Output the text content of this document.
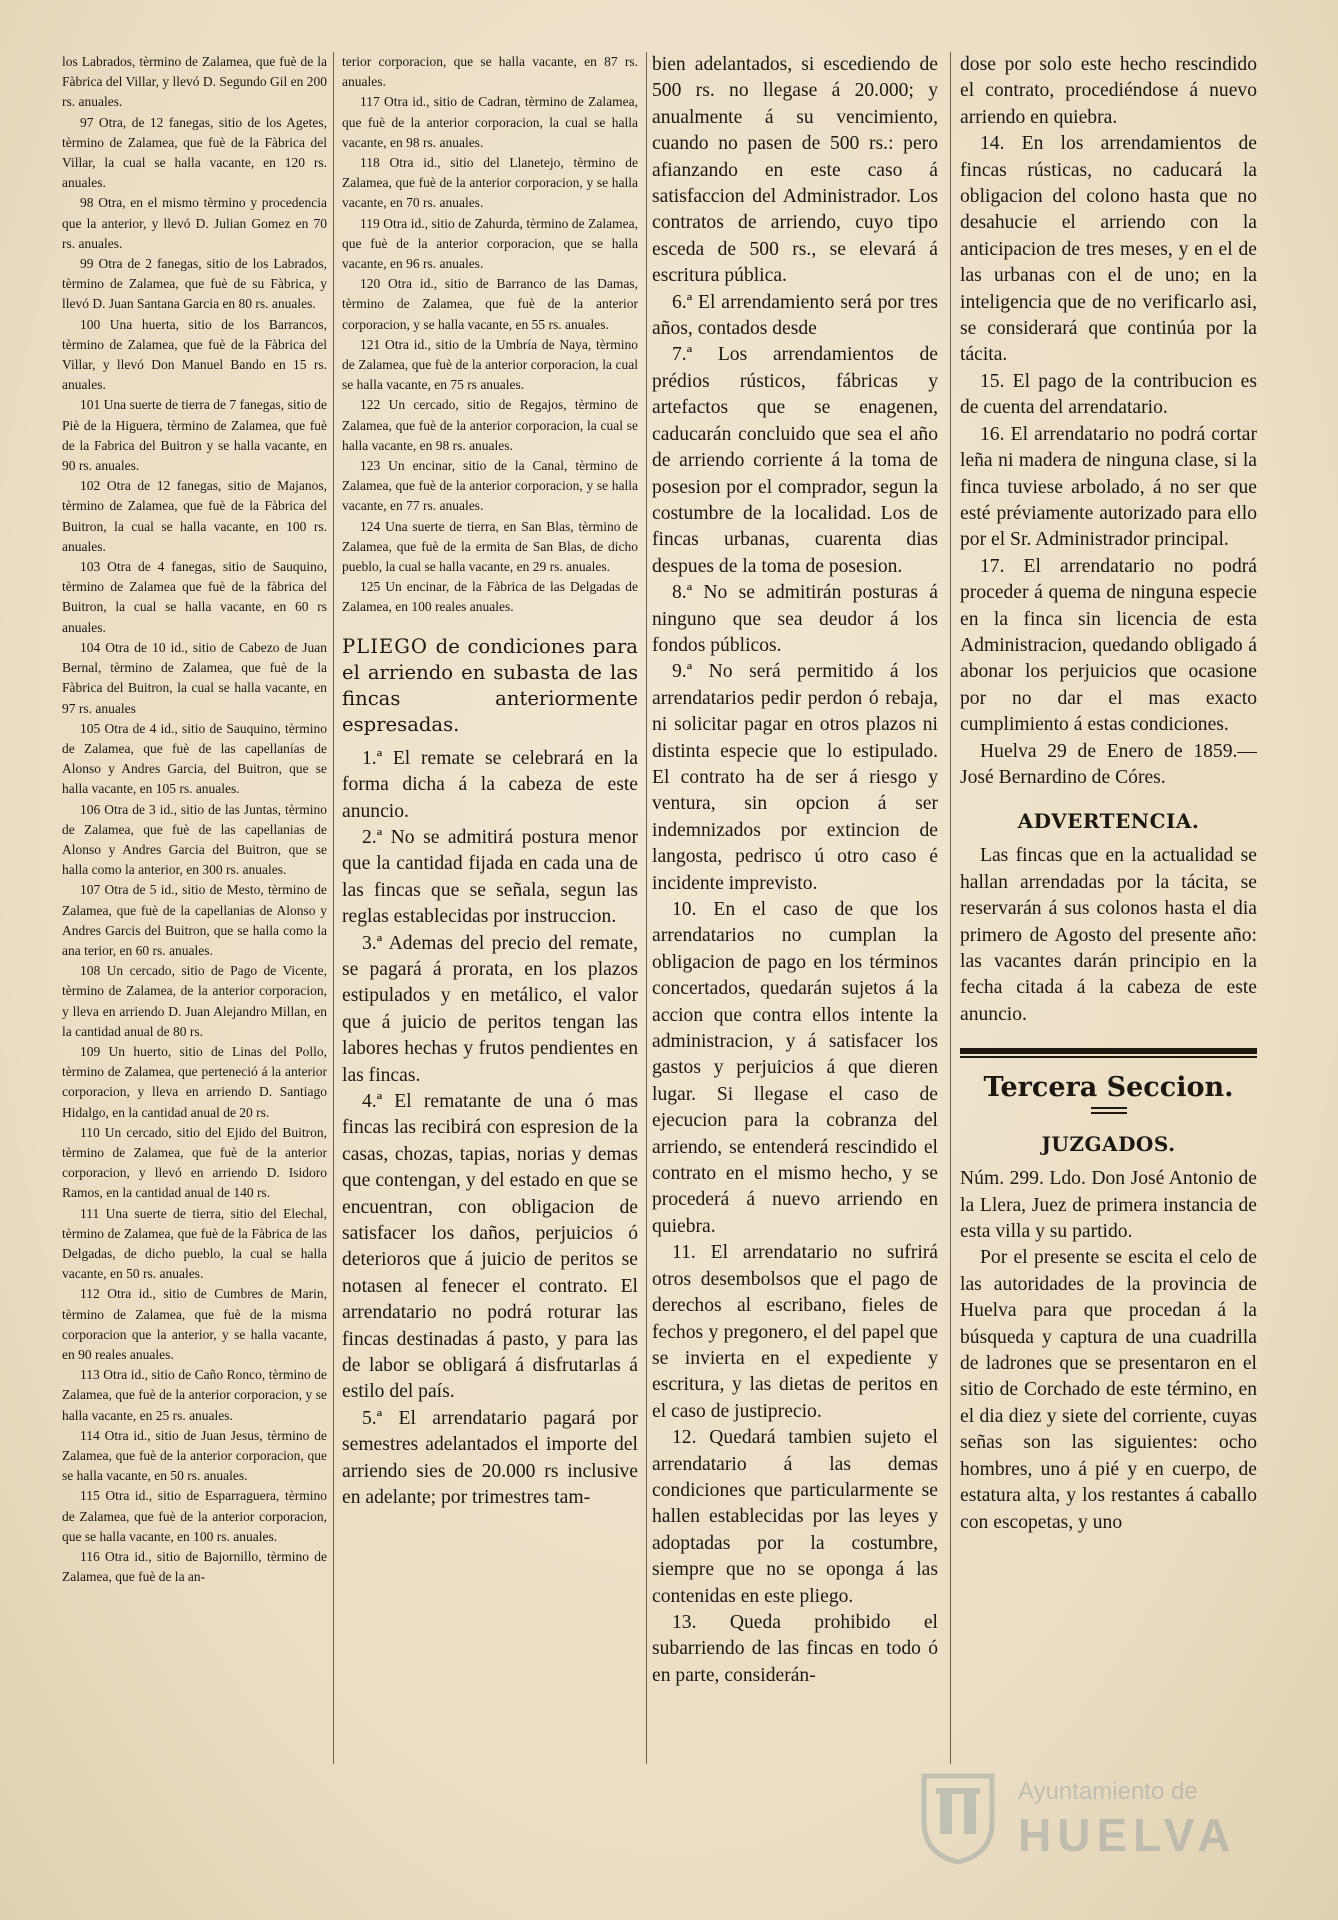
los Labrados, tèrmino de Zalamea, que fuè de la Fàbrica del Villar, y llevó D. Segundo Gil en 200 rs. anuales.

97 Otra, de 12 fanegas, sitio de los Agetes, tèrmino de Zalamea, que fuè de la Fàbrica del Villar, la cual se halla vacante, en 120 rs. anuales.

98 Otra, en el mismo tèrmino y procedencia que la anterior, y llevó D. Julian Gomez en 70 rs. anuales.

99 Otra de 2 fanegas, sitio de los Labrados, tèrmino de Zalamea, que fuè de su Fàbrica, y llevó D. Juan Santana Garcia en 80 rs. anuales.

100 Una huerta, sitio de los Barrancos, tèrmino de Zalamea, que fuè de la Fàbrica del Villar, y llevó Don Manuel Bando en 15 rs. anuales.

101 Una suerte de tierra de 7 fanegas, sitio de Piè de la Higuera, tèrmino de Zalamea, que fuè de la Fabrica del Buitron y se halla vacante, en 90 rs. anuales.

102 Otra de 12 fanegas, sitio de Majanos, tèrmino de Zalamea, que fuè de la Fàbrica del Buitron, la cual se halla vacante, en 100 rs. anuales.

103 Otra de 4 fanegas, sitio de Sauquino, tèrmino de Zalamea que fuè de la fàbrica del Buitron, la cual se halla vacante, en 60 rs anuales.

104 Otra de 10 id., sitio de Cabezo de Juan Bernal, tèrmino de Zalamea, que fuè de la Fàbrica del Buitron, la cual se halla vacante, en 97 rs. anuales

105 Otra de 4 id., sitio de Sauquino, tèrmino de Zalamea, que fuè de las capellanías de Alonso y Andres Garcia, del Buitron, que se halla vacante, en 105 rs. anuales.

106 Otra de 3 id., sitio de las Juntas, tèrmino de Zalamea, que fuè de las capellanias de Alonso y Andres Garcia del Buitron, que se halla como la anterior, en 300 rs. anuales.

107 Otra de 5 id., sitio de Mesto, tèrmino de Zalamea, que fuè de la capellanias de Alonso y Andres Garcis del Buitron, que se halla como la ana terior, en 60 rs. anuales.

108 Un cercado, sitio de Pago de Vicente, tèrmino de Zalamea, de la anterior corporacion, y lleva en arriendo D. Juan Alejandro Millan, en la cantidad anual de 80 rs.

109 Un huerto, sitio de Linas del Pollo, tèrmino de Zalamea, que perteneció á la anterior corporacion, y lleva en arriendo D. Santiago Hidalgo, en la cantidad anual de 20 rs.

110 Un cercado, sitio del Ejido del Buitron, tèrmino de Zalamea, que fuè de la anterior corporacion, y llevó en arriendo D. Isidoro Ramos, en la cantidad anual de 140 rs.

111 Una suerte de tierra, sitio del Elechal, tèrmino de Zalamea, que fuè de la Fàbrica de las Delgadas, de dicho pueblo, la cual se halla vacante, en 50 rs. anuales.

112 Otra id., sitio de Cumbres de Marin, tèrmino de Zalamea, que fuè de la misma corporacion que la anterior, y se halla vacante, en 90 reales anuales.

113 Otra id., sitio de Caño Ronco, tèrmino de Zalamea, que fuè de la anterior corporacion, y se halla vacante, en 25 rs. anuales.

114 Otra id., sitio de Juan Jesus, tèrmino de Zalamea, que fuè de la anterior corporacion, que se halla vacante, en 50 rs. anuales.

115 Otra id., sitio de Esparraguera, tèrmino de Zalamea, que fuè de la anterior corporacion, que se halla vacante, en 100 rs. anuales.

116 Otra id., sitio de Bajornillo, tèrmino de Zalamea, que fuè de la an-

terior corporacion, que se halla vacante, en 87 rs. anuales.

117 Otra id., sitio de Cadran, tèrmino de Zalamea, que fuè de la anterior corporacion, la cual se halla vacante, en 98 rs. anuales.

118 Otra id., sitio del Llanetejo, tèrmino de Zalamea, que fuè de la anterior corporacion, y se halla vacante, en 70 rs. anuales.

119 Otra id., sitio de Zahurda, tèrmino de Zalamea, que fuè de la anterior corporacion, que se halla vacante, en 96 rs. anuales.

120 Otra id., sitio de Barranco de las Damas, tèrmino de Zalamea, que fuè de la anterior corporacion, y se halla vacante, en 55 rs. anuales.

121 Otra id., sitio de la Umbría de Naya, tèrmino de Zalamea, que fuè de la anterior corporacion, la cual se halla vacante, en 75 rs anuales.

122 Un cercado, sitio de Regajos, tèrmino de Zalamea, que fuè de la anterior corporacion, la cual se halla vacante, en 98 rs. anuales.

123 Un encinar, sitio de la Canal, tèrmino de Zalamea, que fuè de la anterior corporacion, y se halla vacante, en 77 rs. anuales.

124 Una suerte de tierra, en San Blas, tèrmino de Zalamea, que fuè de la ermita de San Blas, de dicho pueblo, la cual se halla vacante, en 29 rs. anuales.

125 Un encinar, de la Fàbrica de las Delgadas de Zalamea, en 100 reales anuales.

PLIEGO de condiciones para el arriendo en subasta de las fincas anteriormente espresadas.

1.ª El remate se celebrará en la forma dicha á la cabeza de este anuncio.

2.ª No se admitirá postura menor que la cantidad fijada en cada una de las fincas que se señala, segun las reglas establecidas por instruccion.

3.ª Ademas del precio del remate, se pagará á prorata, en los plazos estipulados y en metálico, el valor que á juicio de peritos tengan las labores hechas y frutos pendientes en las fincas.

4.ª El rematante de una ó mas fincas las recibirá con espresion de la casas, chozas, tapias, norias y demas que contengan, y del estado en que se encuentran, con obligacion de satisfacer los daños, perjuicios ó deterioros que á juicio de peritos se notasen al fenecer el contrato. El arrendatario no podrá roturar las fincas destinadas á pasto, y para las de labor se obligará á disfrutarlas á estilo del país.

5.ª El arrendatario pagará por semestres adelantados el importe del arriendo sies de 20.000 rs inclusive en adelante; por trimestres tam-

bien adelantados, si escediendo de 500 rs. no llegase á 20.000; y anualmente á su vencimiento, cuando no pasen de 500 rs.: pero afianzando en este caso á satisfaccion del Administrador. Los contratos de arriendo, cuyo tipo esceda de 500 rs., se elevará á escritura pública.

6.ª El arrendamiento será por tres años, contados desde

7.ª Los arrendamientos de prédios rústicos, fábricas y artefactos que se enagenen, caducarán concluido que sea el año de arriendo corriente á la toma de posesion por el comprador, segun la costumbre de la localidad. Los de fincas urbanas, cuarenta dias despues de la toma de posesion.

8.ª No se admitirán posturas á ninguno que sea deudor á los fondos públicos.

9.ª No será permitido á los arrendatarios pedir perdon ó rebaja, ni solicitar pagar en otros plazos ni distinta especie que lo estipulado. El contrato ha de ser á riesgo y ventura, sin opcion á ser indemnizados por extincion de langosta, pedrisco ú otro caso é incidente imprevisto.

10. En el caso de que los arrendatarios no cumplan la obligacion de pago en los términos concertados, quedarán sujetos á la accion que contra ellos intente la administracion, y á satisfacer los gastos y perjuicios á que dieren lugar. Si llegase el caso de ejecucion para la cobranza del arriendo, se entenderá rescindido el contrato en el mismo hecho, y se procederá á nuevo arriendo en quiebra.

11. El arrendatario no sufrirá otros desembolsos que el pago de derechos al escribano, fieles de fechos y pregonero, el del papel que se invierta en el expediente y escritura, y las dietas de peritos en el caso de justiprecio.

12. Quedará tambien sujeto el arrendatario á las demas condiciones que particularmente se hallen establecidas por las leyes y adoptadas por la costumbre, siempre que no se oponga á las contenidas en este pliego.

13. Queda prohibido el subarriendo de las fincas en todo ó en parte, considerán-

dose por solo este hecho rescindido el contrato, procediéndose á nuevo arriendo en quiebra.

14. En los arrendamientos de fincas rústicas, no caducará la obligacion del colono hasta que no desahucie el arriendo con la anticipacion de tres meses, y en el de las urbanas con el de uno; en la inteligencia que de no verificarlo asi, se considerará que continúa por la tácita.

15. El pago de la contribucion es de cuenta del arrendatario.

16. El arrendatario no podrá cortar leña ni madera de ninguna clase, si la finca tuviese arbolado, á no ser que esté préviamente autorizado para ello por el Sr. Administrador principal.

17. El arrendatario no podrá proceder á quema de ninguna especie en la finca sin licencia de esta Administracion, quedando obligado á abonar los perjuicios que ocasione por no dar el mas exacto cumplimiento á estas condiciones.

Huelva 29 de Enero de 1859.—José Bernardino de Córes.

ADVERTENCIA.

Las fincas que en la actualidad se hallan arrendadas por la tácita, se reservarán á sus colonos hasta el dia primero de Agosto del presente año: las vacantes darán principio en la fecha citada á la cabeza de este anuncio.

Tercera Seccion.
JUZGADOS.

Núm. 299. Ldo. Don José Antonio de la Llera, Juez de primera instancia de esta villa y su partido.

Por el presente se escita el celo de las autoridades de la provincia de Huelva para que procedan á la búsqueda y captura de una cuadrilla de ladrones que se presentaron en el sitio de Corchado de este término, en el dia diez y siete del corriente, cuyas señas son las siguientes: ocho hombres, uno á pié y en cuerpo, de estatura alta, y los restantes á caballo con escopetas, y uno

Ayuntamiento de
HUELVA
